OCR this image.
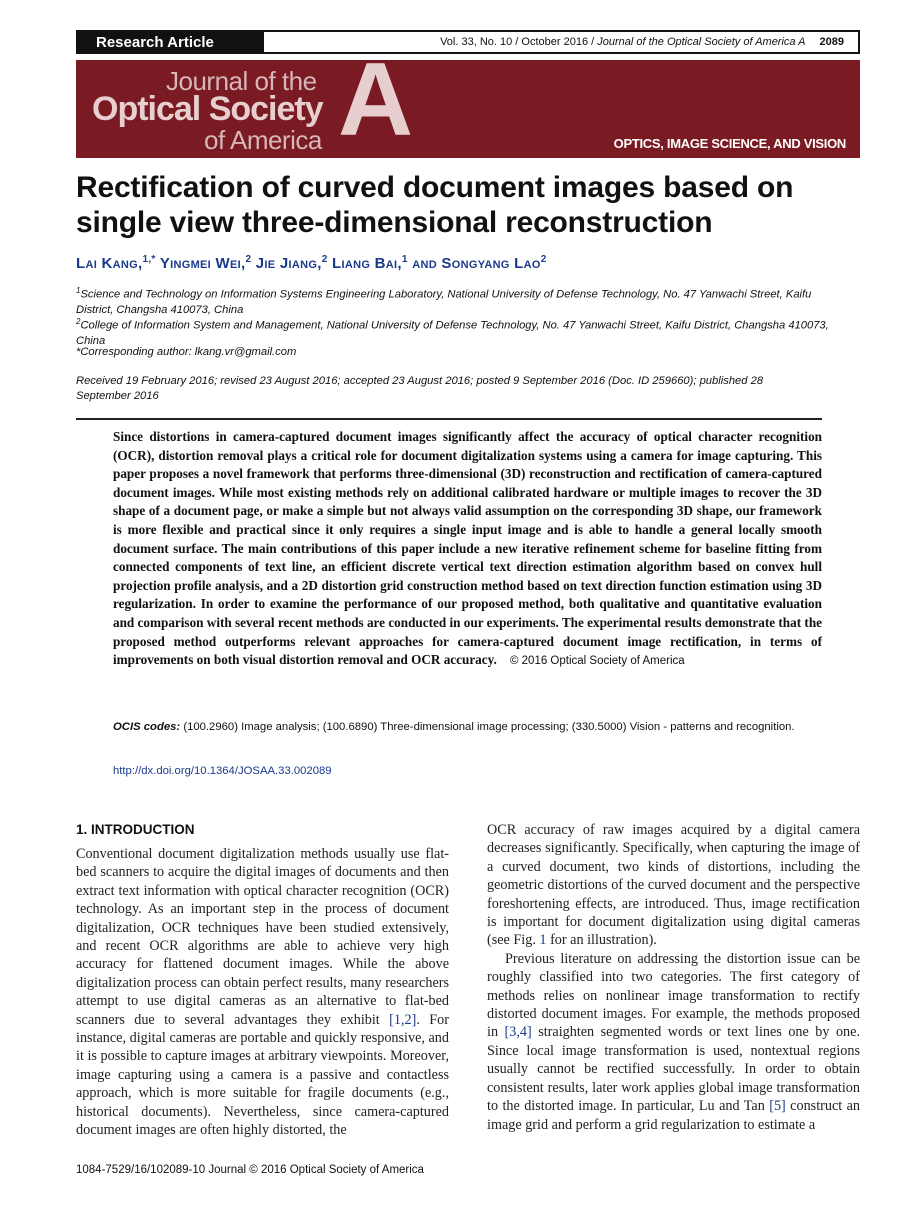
Research Article	Vol. 33, No. 10 / October 2016 / Journal of the Optical Society of America A	2089
Journal of the
Optical Society
of America A	OPTICS, IMAGE SCIENCE, AND VISION
Rectification of curved document images based on single view three-dimensional reconstruction
Lai Kang,$^{1,*}$ Yingmei Wei,$^2$ Jie Jiang,$^2$ Liang Bai,$^1$ and Songyang Lao$^2$
$^1$Science and Technology on Information Systems Engineering Laboratory, National University of Defense Technology, No. 47 Yanwachi Street, Kaifu District, Changsha 410073, China
$^2$College of Information System and Management, National University of Defense Technology, No. 47 Yanwachi Street, Kaifu District, Changsha 410073, China
*Corresponding author: lkang.vr@gmail.com
Received 19 February 2016; revised 23 August 2016; accepted 23 August 2016; posted 9 September 2016 (Doc. ID 259660); published 28 September 2016
Since distortions in camera-captured document images significantly affect the accuracy of optical character recognition (OCR), distortion removal plays a critical role for document digitalization systems using a camera for image capturing. This paper proposes a novel framework that performs three-dimensional (3D) reconstruction and rectification of camera-captured document images. While most existing methods rely on additional calibrated hardware or multiple images to recover the 3D shape of a document page, or make a simple but not always valid assumption on the corresponding 3D shape, our framework is more flexible and practical since it only requires a single input image and is able to handle a general locally smooth document surface. The main contributions of this paper include a new iterative refinement scheme for baseline fitting from connected components of text line, an efficient discrete vertical text direction estimation algorithm based on convex hull projection profile analysis, and a 2D distortion grid construction method based on text direction function estimation using 3D regularization. In order to examine the performance of our proposed method, both qualitative and quantitative evaluation and comparison with several recent methods are conducted in our experiments. The experimental results demonstrate that the proposed method outperforms relevant approaches for camera-captured document image rectification, in terms of improvements on both visual distortion removal and OCR accuracy. © 2016 Optical Society of America
OCIS codes: (100.2960) Image analysis; (100.6890) Three-dimensional image processing; (330.5000) Vision - patterns and recognition.
http://dx.doi.org/10.1364/JOSAA.33.002089
1. INTRODUCTION

Conventional document digitalization methods usually use flat-bed scanners to acquire the digital images of documents and then extract text information with optical character recognition (OCR) technology. As an important step in the process of document digitalization, OCR techniques have been studied extensively, and recent OCR algorithms are able to achieve very high accuracy for flattened document images. While the above digitalization process can obtain perfect results, many researchers attempt to use digital cameras as an alternative to flat-bed scanners due to several advantages they exhibit [1,2]. For instance, digital cameras are portable and quickly responsive, and it is possible to capture images at arbitrary viewpoints. Moreover, image capturing using a camera is a passive and contactless approach, which is more suitable for fragile documents (e.g., historical documents). Nevertheless, since camera-captured document images are often highly distorted, the

OCR accuracy of raw images acquired by a digital camera decreases significantly. Specifically, when capturing the image of a curved document, two kinds of distortions, including the geometric distortions of the curved document and the perspective foreshortening effects, are introduced. Thus, image rectification is important for document digitalization using digital cameras (see Fig. 1 for an illustration).

Previous literature on addressing the distortion issue can be roughly classified into two categories. The first category of methods relies on nonlinear image transformation to rectify distorted document images. For example, the methods proposed in [3,4] straighten segmented words or text lines one by one. Since local image transformation is used, nontextual regions usually cannot be rectified successfully. In order to obtain consistent results, later work applies global image transformation to the distorted image. In particular, Lu and Tan [5] construct an image grid and perform a grid regularization to estimate a

1084-7529/16/102089-10 Journal © 2016 Optical Society of America
